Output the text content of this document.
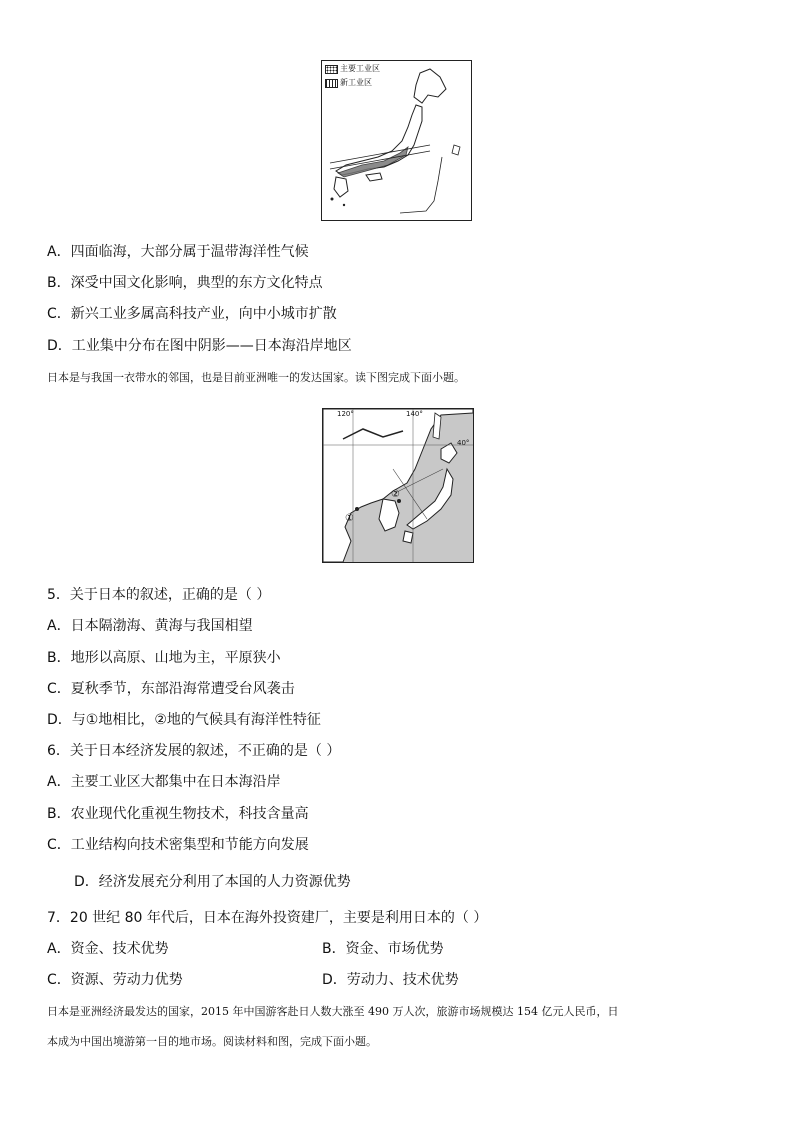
主要工业区
新工业区
A．四面临海，大部分属于温带海洋性气候
B．深受中国文化影响，典型的东方文化特点
C．新兴工业多属高科技产业，向中小城市扩散
D．工业集中分布在图中阴影——日本海沿岸地区
日本是与我国一衣带水的邻国，也是目前亚洲唯一的发达国家。读下图完成下面小题。
120°	140°
40°
①
②
5．关于日本的叙述，正确的是（ ）
A．日本隔渤海、黄海与我国相望
B．地形以高原、山地为主，平原狭小
C．夏秋季节，东部沿海常遭受台风袭击
D．与①地相比，②地的气候具有海洋性特征
6．关于日本经济发展的叙述，不正确的是（ ）
A．主要工业区大都集中在日本海沿岸
B．农业现代化重视生物技术，科技含量高
C．工业结构向技术密集型和节能方向发展
D．经济发展充分利用了本国的人力资源优势
7．20 世纪 80 年代后，日本在海外投资建厂，主要是利用日本的（ ）
A．资金、技术优势	B．资金、市场优势
C．资源、劳动力优势	D．劳动力、技术优势
日本是亚洲经济最发达的国家，2015 年中国游客赴日人数大涨至 490 万人次，旅游市场规模达 154 亿元人民币，日
本成为中国出境游第一目的地市场。阅读材料和图，完成下面小题。
